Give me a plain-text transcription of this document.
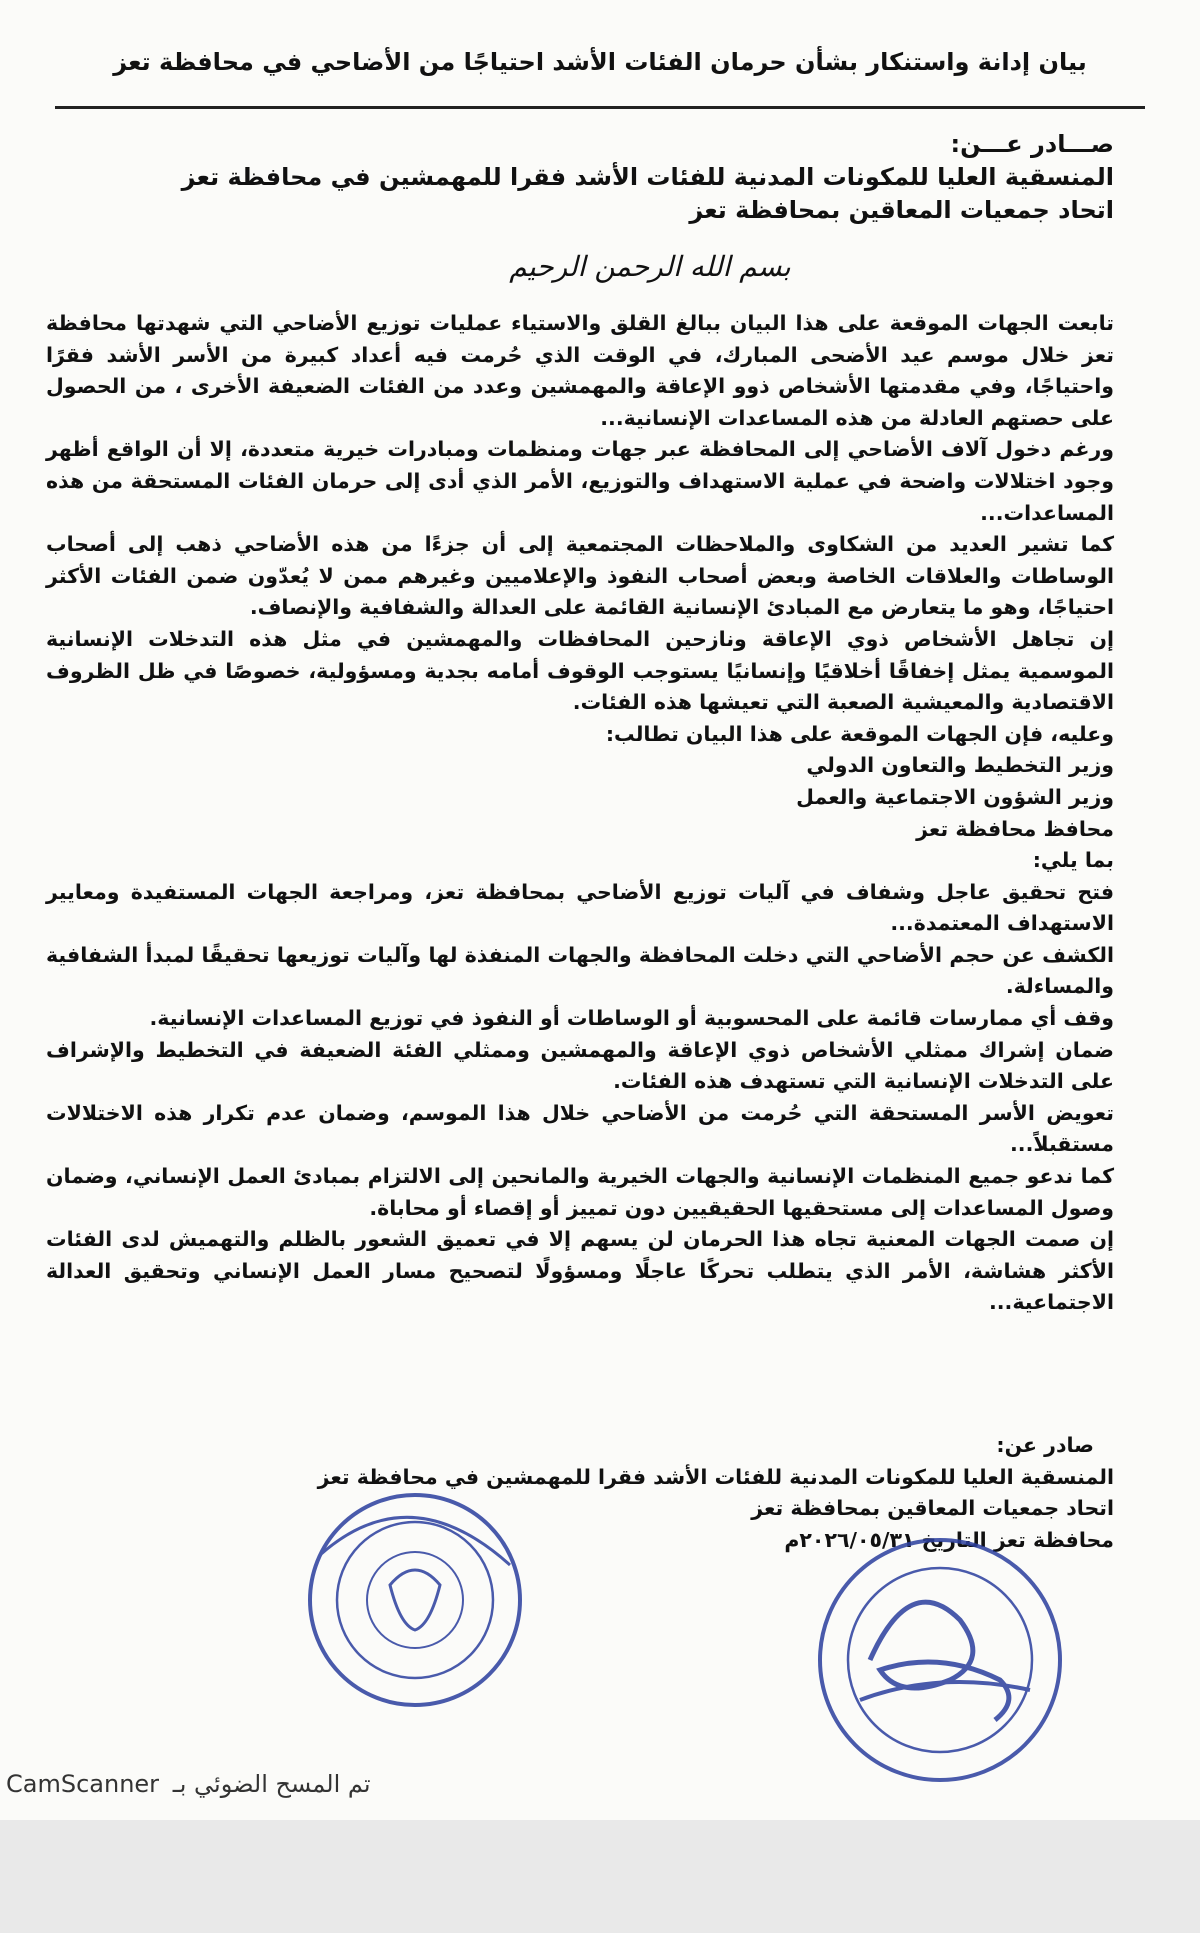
بيان إدانة واستنكار بشأن حرمان الفئات الأشد احتياجًا من الأضاحي في محافظة تعز
صـــادر عـــن:
المنسقية العليا للمكونات المدنية للفئات الأشد فقرا للمهمشين في محافظة تعز
اتحاد جمعيات المعاقين بمحافظة تعز
بسم الله الرحمن الرحيم

تابعت الجهات الموقعة على هذا البيان ببالغ القلق والاستياء عمليات توزيع الأضاحي التي شهدتها محافظة تعز خلال موسم عيد الأضحى المبارك، في الوقت الذي حُرمت فيه أعداد كبيرة من الأسر الأشد فقرًا واحتياجًا، وفي مقدمتها الأشخاص ذوو الإعاقة والمهمشين وعدد من الفئات الضعيفة الأخرى ، من الحصول على حصتهم العادلة من هذه المساعدات الإنسانية...

ورغم دخول آلاف الأضاحي إلى المحافظة عبر جهات ومنظمات ومبادرات خيرية متعددة، إلا أن الواقع أظهر وجود اختلالات واضحة في عملية الاستهداف والتوزيع، الأمر الذي أدى إلى حرمان الفئات المستحقة من هذه المساعدات...

كما تشير العديد من الشكاوى والملاحظات المجتمعية إلى أن جزءًا من هذه الأضاحي ذهب إلى أصحاب الوساطات والعلاقات الخاصة وبعض أصحاب النفوذ والإعلاميين وغيرهم ممن لا يُعدّون ضمن الفئات الأكثر احتياجًا، وهو ما يتعارض مع المبادئ الإنسانية القائمة على العدالة والشفافية والإنصاف.

إن تجاهل الأشخاص ذوي الإعاقة ونازحين المحافظات والمهمشين في مثل هذه التدخلات الإنسانية الموسمية يمثل إخفاقًا أخلاقيًا وإنسانيًا يستوجب الوقوف أمامه بجدية ومسؤولية، خصوصًا في ظل الظروف الاقتصادية والمعيشية الصعبة التي تعيشها هذه الفئات.

وعليه، فإن الجهات الموقعة على هذا البيان تطالب:

وزير التخطيط والتعاون الدولي

وزير الشؤون الاجتماعية والعمل

محافظ محافظة تعز

بما يلي:

فتح تحقيق عاجل وشفاف في آليات توزيع الأضاحي بمحافظة تعز، ومراجعة الجهات المستفيدة ومعايير الاستهداف المعتمدة...

الكشف عن حجم الأضاحي التي دخلت المحافظة والجهات المنفذة لها وآليات توزيعها تحقيقًا لمبدأ الشفافية والمساءلة.

وقف أي ممارسات قائمة على المحسوبية أو الوساطات أو النفوذ في توزيع المساعدات الإنسانية.

ضمان إشراك ممثلي الأشخاص ذوي الإعاقة والمهمشين وممثلي الفئة الضعيفة في التخطيط والإشراف على التدخلات الإنسانية التي تستهدف هذه الفئات.

تعويض الأسر المستحقة التي حُرمت من الأضاحي خلال هذا الموسم، وضمان عدم تكرار هذه الاختلالات مستقبلاً...

كما ندعو جميع المنظمات الإنسانية والجهات الخيرية والمانحين إلى الالتزام بمبادئ العمل الإنساني، وضمان وصول المساعدات إلى مستحقيها الحقيقيين دون تمييز أو إقصاء أو محاباة.

إن صمت الجهات المعنية تجاه هذا الحرمان لن يسهم إلا في تعميق الشعور بالظلم والتهميش لدى الفئات الأكثر هشاشة، الأمر الذي يتطلب تحركًا عاجلًا ومسؤولًا لتصحيح مسار العمل الإنساني وتحقيق العدالة الاجتماعية...

صادر عن:
المنسقية العليا للمكونات المدنية للفئات الأشد فقرا للمهمشين في محافظة تعز
اتحاد جمعيات المعاقين بمحافظة تعز
محافظة تعز التاريخ ٢٠٢٦/٠٥/٣١م
CamScanner تم المسح الضوئي بـ
